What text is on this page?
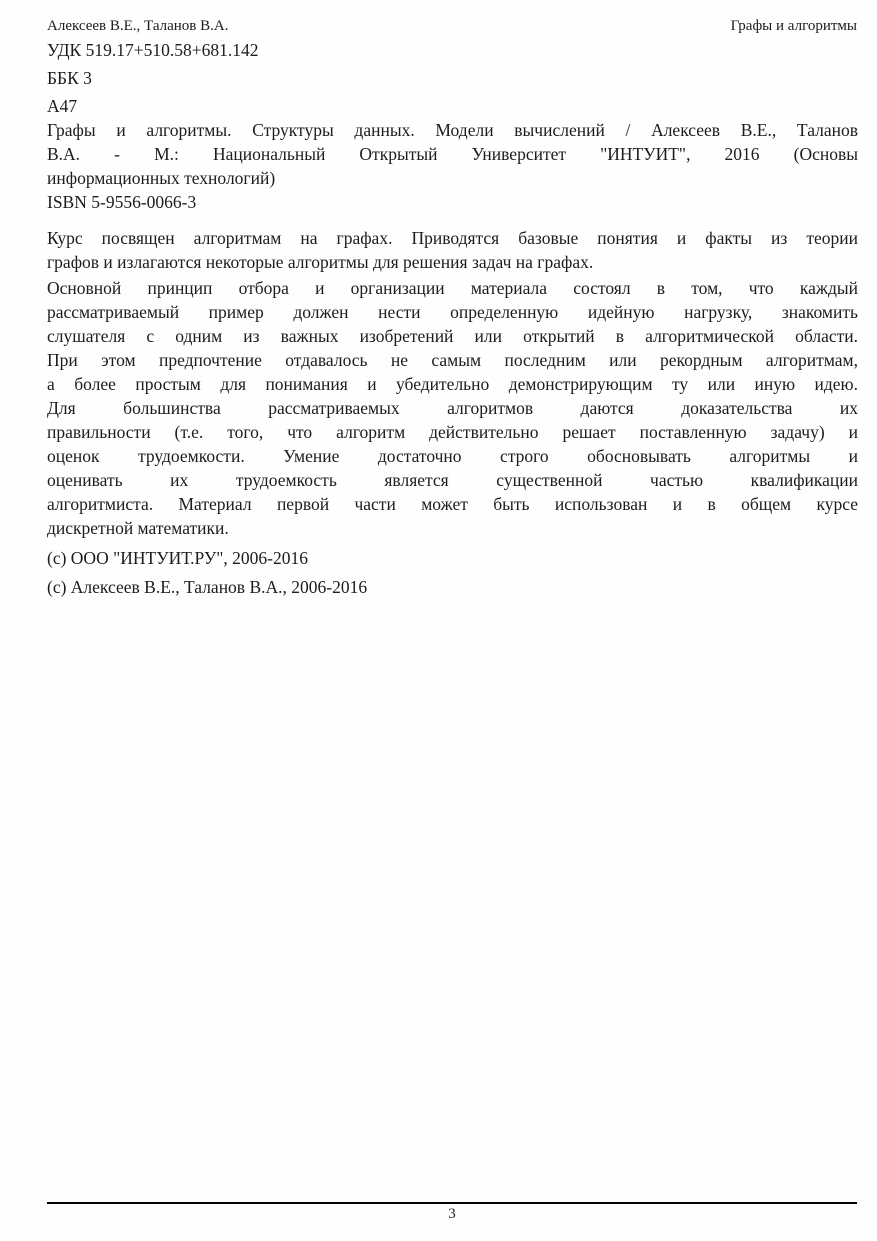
Алексеев В.Е., Таланов В.А.	Графы и алгоритмы
УДК 519.17+510.58+681.142
ББК 3
А47
Графы и алгоритмы. Структуры данных. Модели вычислений / Алексеев В.Е., Таланов
В.А. - М.: Национальный Открытый Университет "ИНТУИТ", 2016 (Основы
информационных технологий)
ISBN 5-9556-0066-3
Курс посвящен алгоритмам на графах. Приводятся базовые понятия и факты из теории
графов и излагаются некоторые алгоритмы для решения задач на графах.
Основной принцип отбора и организации материала состоял в том, что каждый
рассматриваемый пример должен нести определенную идейную нагрузку, знакомить
слушателя с одним из важных изобретений или открытий в алгоритмической области.
При этом предпочтение отдавалось не самым последним или рекордным алгоритмам,
а более простым для понимания и убедительно демонстрирующим ту или иную идею.
Для большинства рассматриваемых алгоритмов даются доказательства их
правильности (т.е. того, что алгоритм действительно решает поставленную задачу) и
оценок трудоемкости. Умение достаточно строго обосновывать алгоритмы и
оценивать их трудоемкость является существенной частью квалификации
алгоритмиста. Материал первой части может быть использован и в общем курсе
дискретной математики.
(с) ООО "ИНТУИТ.РУ", 2006-2016
(с) Алексеев В.Е., Таланов В.А., 2006-2016
3
